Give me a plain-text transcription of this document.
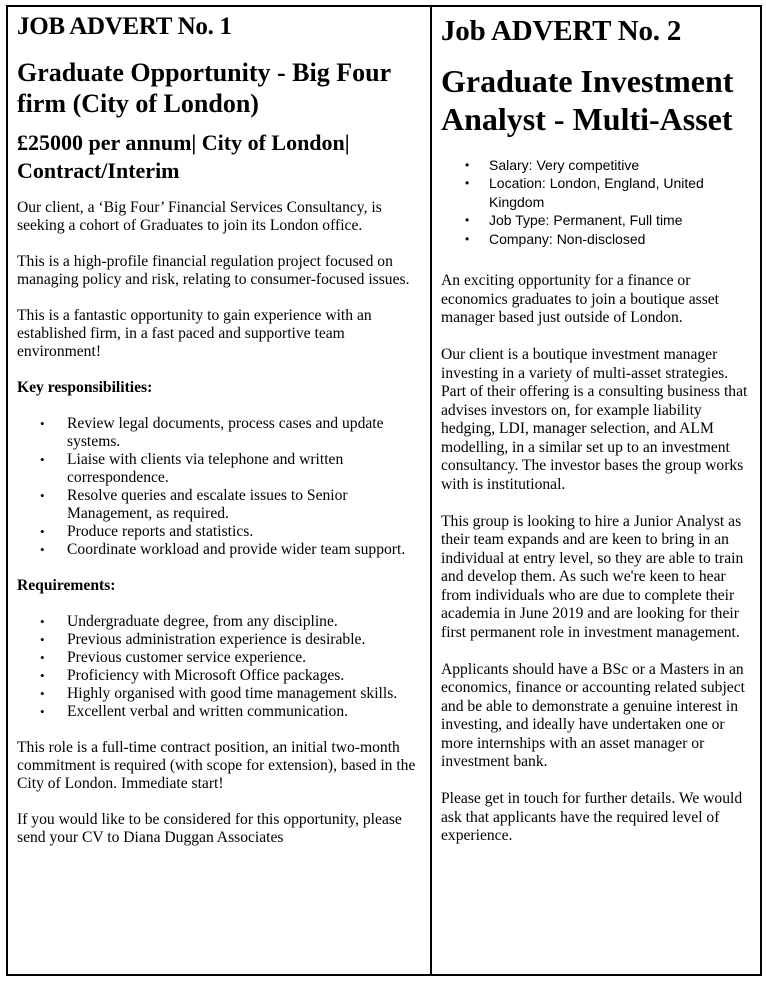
JOB ADVERT No. 1
Graduate Opportunity - Big Four firm (City of London)
£25000 per annum| City of London| Contract/Interim

Our client, a ‘Big Four’ Financial Services Consultancy, is seeking a cohort of Graduates to join its London office.

This is a high-profile financial regulation project focused on managing policy and risk, relating to consumer-focused issues.

This is a fantastic opportunity to gain experience with an established firm, in a fast paced and supportive team environment!

Key responsibilities:

• Review legal documents, process cases and update systems.
• Liaise with clients via telephone and written correspondence.
• Resolve queries and escalate issues to Senior Management, as required.
• Produce reports and statistics.
• Coordinate workload and provide wider team support.

Requirements:

• Undergraduate degree, from any discipline.
• Previous administration experience is desirable.
• Previous customer service experience.
• Proficiency with Microsoft Office packages.
• Highly organised with good time management skills.
• Excellent verbal and written communication.

This role is a full-time contract position, an initial two-month commitment is required (with scope for extension), based in the City of London. Immediate start!

If you would like to be considered for this opportunity, please send your CV to Diana Duggan Associates

Job ADVERT No. 2
Graduate Investment Analyst - Multi-Asset
• Salary: Very competitive
• Location: London, England, United Kingdom
• Job Type: Permanent, Full time
• Company: Non-disclosed

An exciting opportunity for a finance or economics graduates to join a boutique asset manager based just outside of London.

Our client is a boutique investment manager investing in a variety of multi-asset strategies. Part of their offering is a consulting business that advises investors on, for example liability hedging, LDI, manager selection, and ALM modelling, in a similar set up to an investment consultancy. The investor bases the group works with is institutional.

This group is looking to hire a Junior Analyst as their team expands and are keen to bring in an individual at entry level, so they are able to train and develop them. As such we're keen to hear from individuals who are due to complete their academia in June 2019 and are looking for their first permanent role in investment management.

Applicants should have a BSc or a Masters in an economics, finance or accounting related subject and be able to demonstrate a genuine interest in investing, and ideally have undertaken one or more internships with an asset manager or investment bank.

Please get in touch for further details. We would ask that applicants have the required level of experience.
